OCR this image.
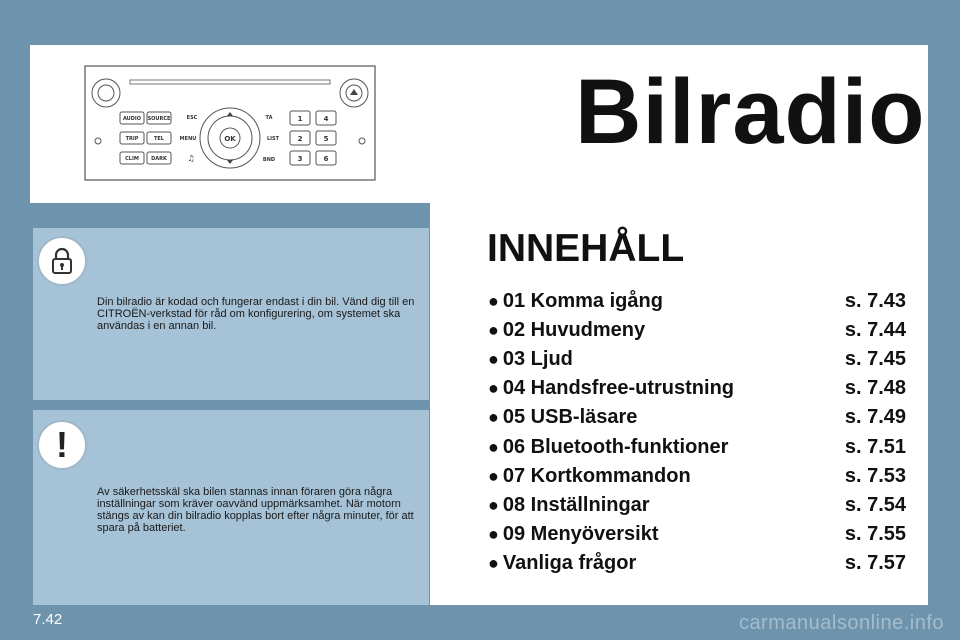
AUDIO SOURCE
TRIP	TEL
CLIM DARK
OK
ESC	TA
MENU	LIST
♫	BND
1	4
2	5
3	6	Bilradio
!
Din bilradio är kodad och fungerar endast i din bil. Vänd dig till en CITROËN-verkstad för råd om konfigurering, om systemet ska användas i en annan bil.
Av säkerhetsskäl ska bilen stannas innan föraren göra några inställningar som kräver oavvänd uppmärksamhet. När motorn stängs av kan din bilradio kopplas bort efter några minuter, för att spara på batteriet.
INNEHÅLL
● 01 Komma igång	s. 7.43
● 02 Huvudmeny	s. 7.44
● 03 Ljud	s. 7.45
● 04 Handsfree-utrustning	s. 7.48
● 05 USB-läsare	s. 7.49
● 06 Bluetooth-funktioner	s. 7.51
● 07 Kortkommandon	s. 7.53
● 08 Inställningar	s. 7.54
● 09 Menyöversikt	s. 7.55
● Vanliga frågor	s. 7.57
7.42	carmanualsonline.info
